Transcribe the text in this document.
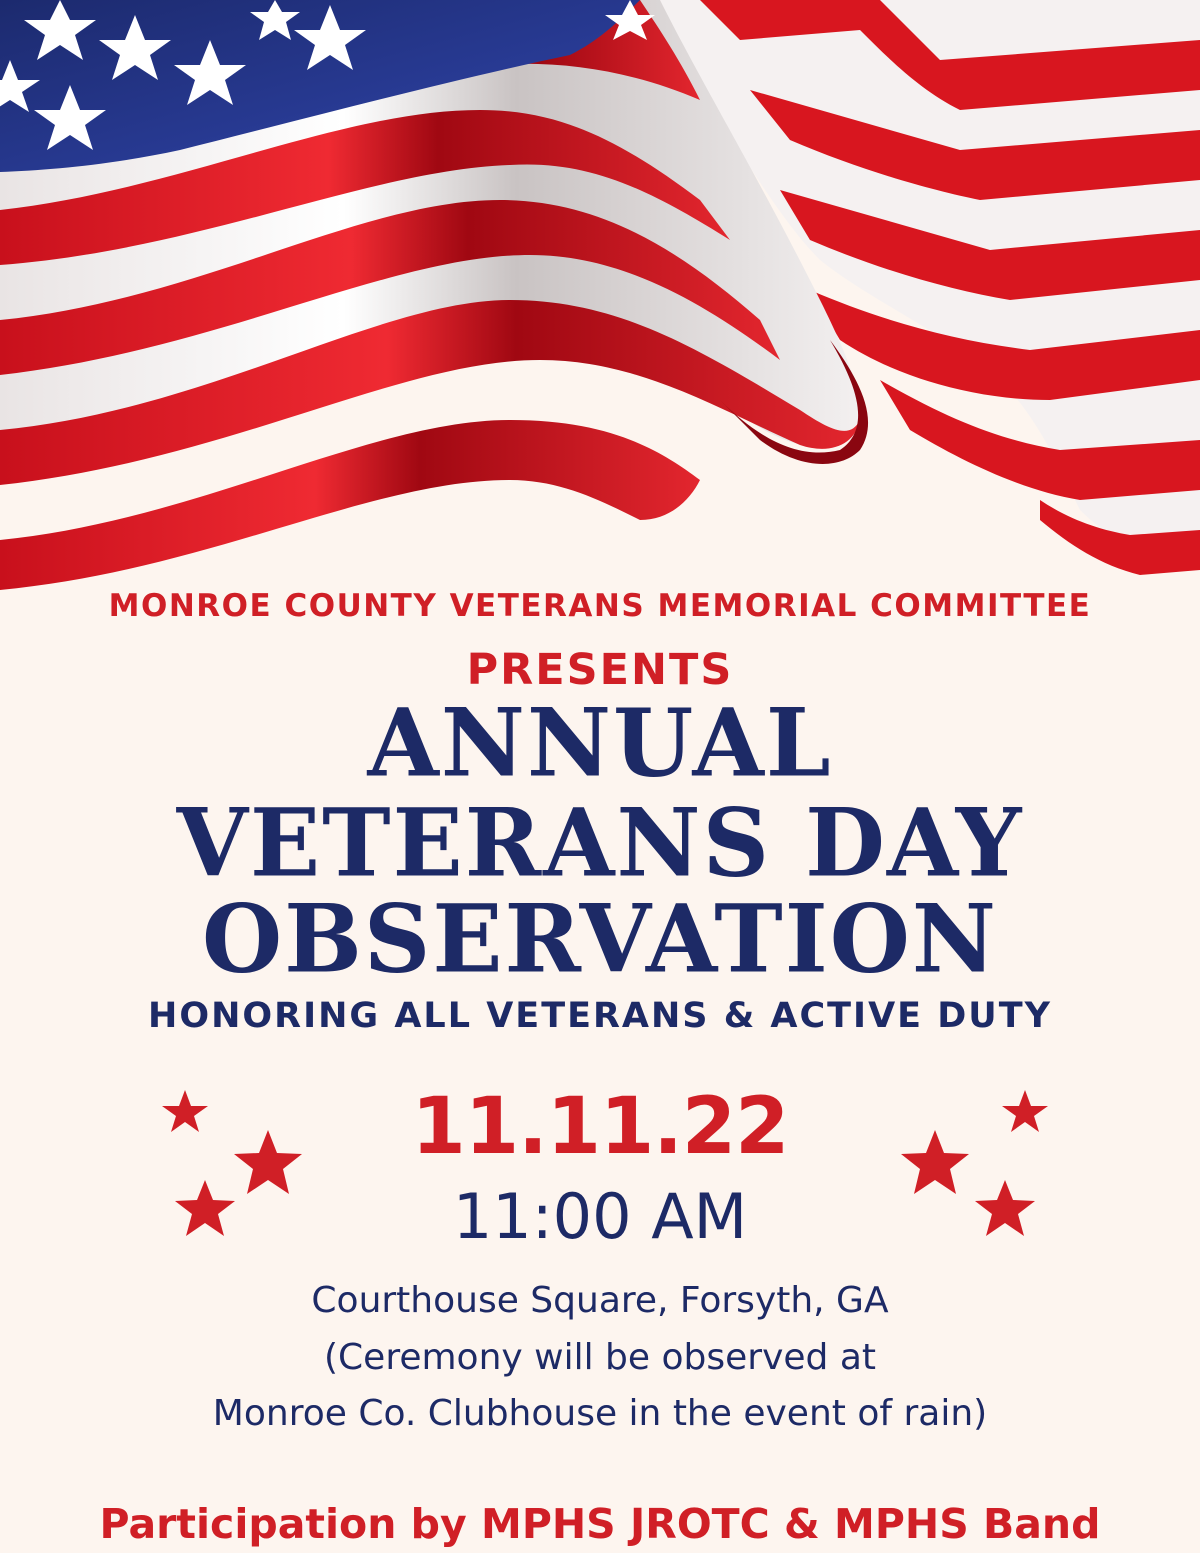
MONROE COUNTY VETERANS MEMORIAL COMMITTEE

PRESENTS

ANNUAL

VETERANS DAY

OBSERVATION

HONORING ALL VETERANS & ACTIVE DUTY

11.11.22

11:00 AM

Courthouse Square, Forsyth, GA

(Ceremony will be observed at

Monroe Co. Clubhouse in the event of rain)

Participation by MPHS JROTC & MPHS Band
